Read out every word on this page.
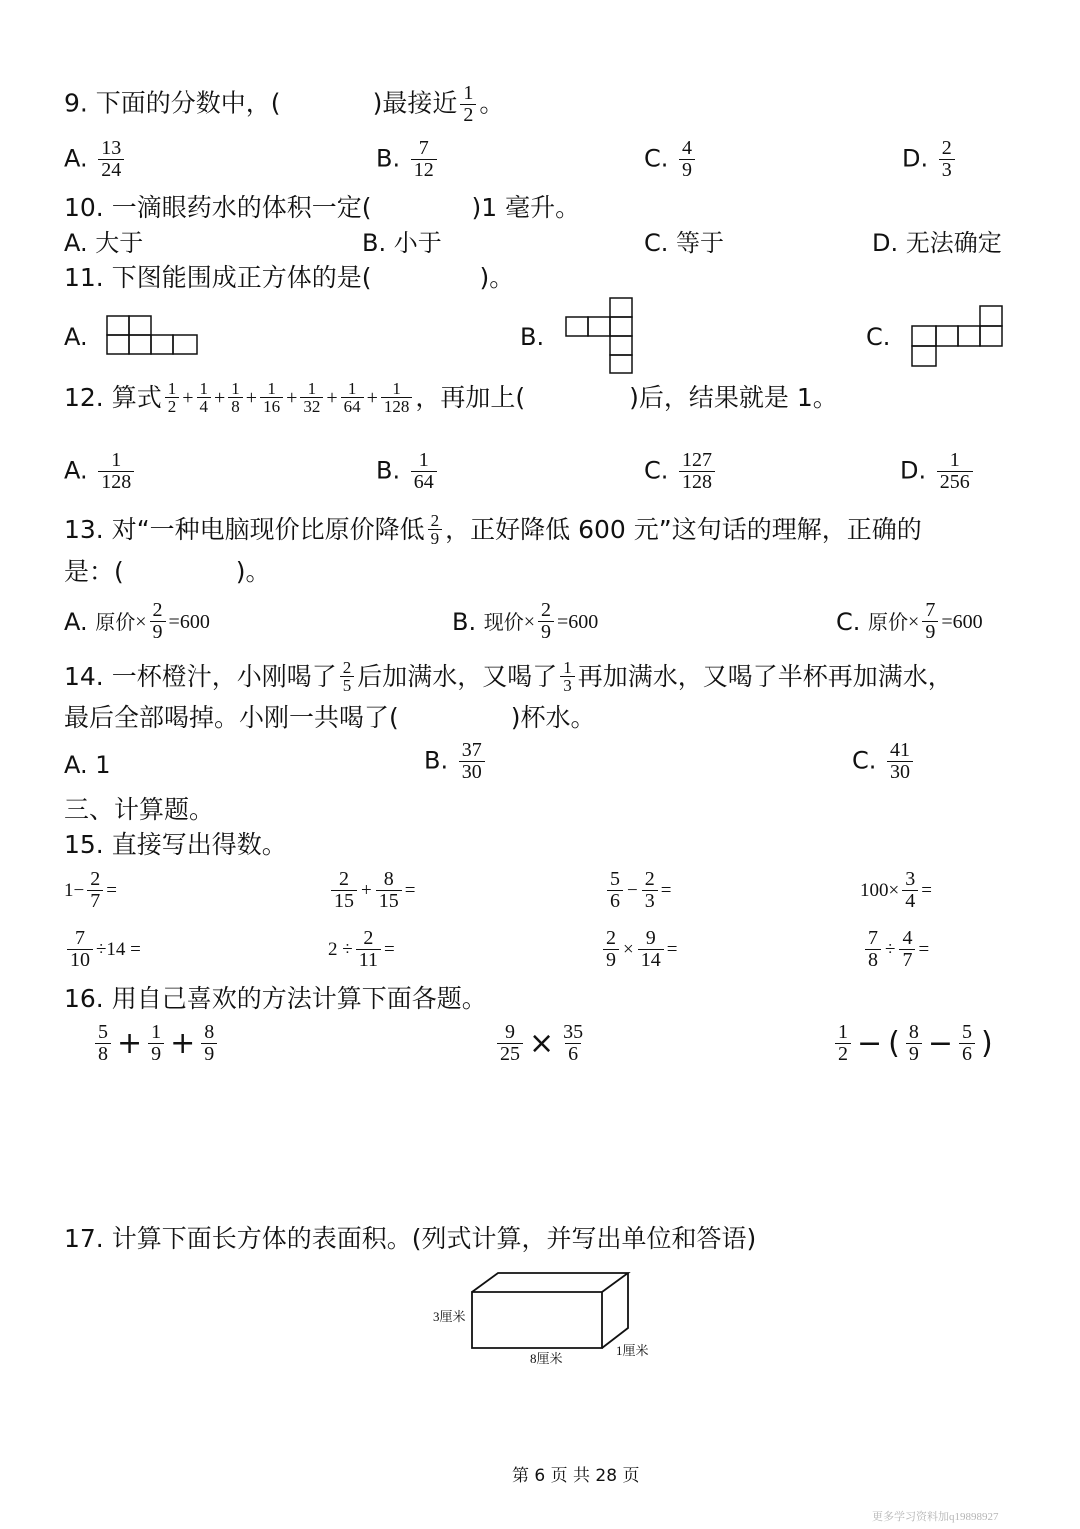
9. 下面的分数中，(	)最接近 $\frac{1}{2}$ 。
A. $\frac{13}{24}$	B. $\frac{7}{12}$	C. $\frac{4}{9}$	D. $\frac{2}{3}$
10. 一滴眼药水的体积一定(	)1 毫升。
A. 大于	B. 小于	C. 等于	D. 无法确定
11. 下图能围成正方体的是(	)。
A.	B.	C.
12. 算式 $\frac{1}{2} + \frac{1}{4} + \frac{1}{8} + \frac{1}{16} + \frac{1}{32} + \frac{1}{64} + \frac{1}{128}$ ，再加上(	)后，结果就是 1。
A. $\frac{1}{128}$	B. $\frac{1}{64}$	C. $\frac{127}{128}$	D. $\frac{1}{256}$
13. 对“一种电脑现价比原价降低 $\frac{2}{9}$ ，正好降低 600 元”这句话的理解，正确的
是：(	)。
A.
原价 × $\frac{2}{9} =600$	B.
现价 × $\frac{2}{9} =600$	C.
原价 × $\frac{7}{9} =600$
14. 一杯橙汁，小刚喝了 $\frac{2}{5}$ 后加满水，又喝了 $\frac{1}{3}$ 再加满水，又喝了半杯再加满水，
最后全部喝掉。小刚一共喝了(	)杯水。
A. 1	B. $\frac{37}{30}$	C. $\frac{41}{30}$
三、计算题。
15. 直接写出得数。
$1- \frac{2}{7}$ =	$\frac{2}{15} + \frac{8}{15}$ =	$\frac{5}{6} - \frac{2}{3}$ =	$100\times \frac{3}{4}$ =
$\frac{7}{10} \div 14$ =	$2 \div \frac{2}{11}$ =	$\frac{2}{9} \times \frac{9}{14}$ =	$\frac{7}{8} \div \frac{4}{7}$ =
16. 用自己喜欢的方法计算下面各题。
$\frac{5}{8} + \frac{1}{9} + \frac{8}{9}$	$\frac{9}{25} \times \frac{35}{6}$	$\frac{1}{2}$ − ( $\frac{8}{9} - \frac{5}{6}$ )
17. 计算下面长方体的表面积。(列式计算，并写出单位和答语)
3厘米
8厘米
1厘米
第 6 页 共 28 页
更多学习资料加q19898927
